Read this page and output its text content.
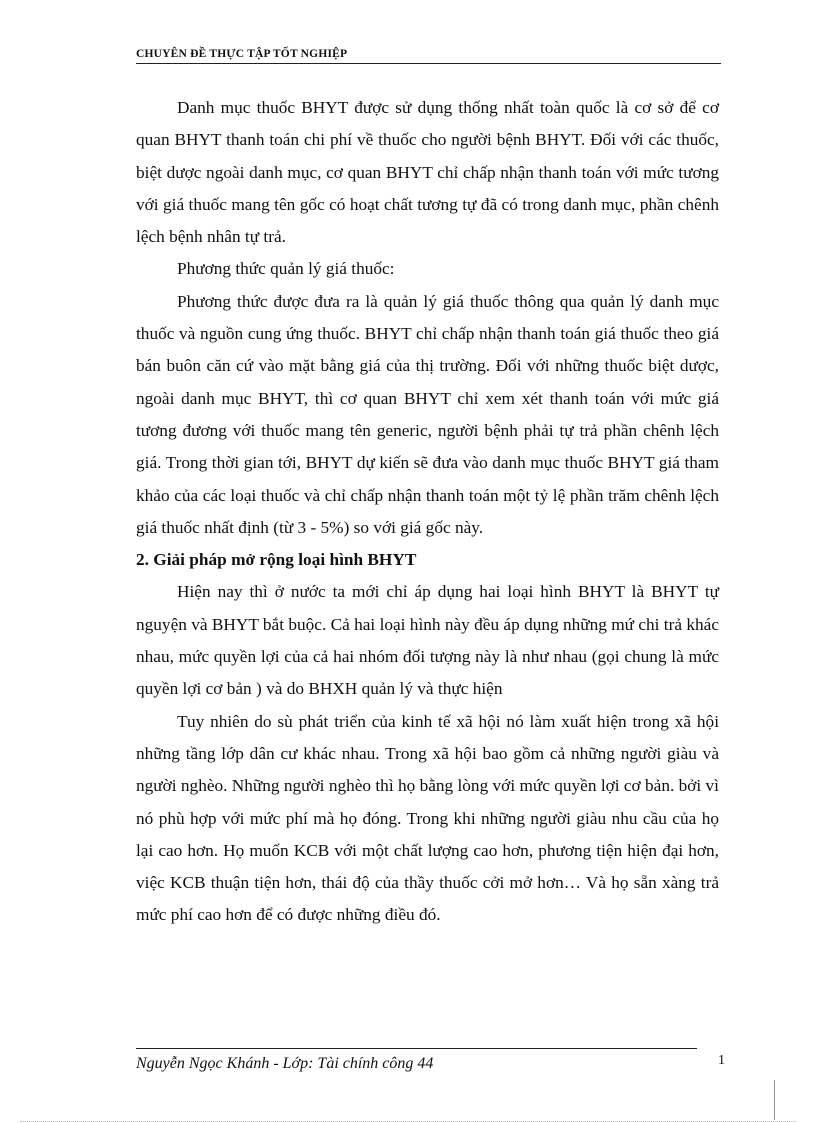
CHUYÊN ĐỀ THỰC TẬP TỐT NGHIỆP

Danh mục thuốc BHYT được sử dụng thống nhất toàn quốc là cơ sở để cơ quan BHYT thanh toán chi phí về thuốc cho người bệnh BHYT. Đối với các thuốc, biệt dược ngoài danh mục, cơ quan BHYT chỉ chấp nhận thanh toán với mức tương với giá thuốc mang tên gốc có hoạt chất tương tự đã có trong danh mục, phần chênh lệch bệnh nhân tự trả.

Phương thức quản lý giá thuốc:

Phương thức được đưa ra là quản lý giá thuốc thông qua quản lý danh mục thuốc và nguồn cung ứng thuốc. BHYT chỉ chấp nhận thanh toán giá thuốc theo giá bán buôn căn cứ vào mặt bằng giá của thị trường. Đối với những thuốc biệt dược, ngoài danh mục BHYT, thì cơ quan BHYT chỉ xem xét thanh toán với mức giá tương đương với thuốc mang tên generic, người bệnh phải tự trả phần chênh lệch giá. Trong thời gian tới, BHYT dự kiến sẽ đưa vào danh mục thuốc BHYT giá tham khảo của các loại thuốc và chỉ chấp nhận thanh toán một tỷ lệ phần trăm chênh lệch giá thuốc nhất định (từ 3 - 5%) so với giá gốc này.

2. Giải pháp mở rộng loại hình BHYT

Hiện nay thì ở nước ta mới chỉ áp dụng hai loại hình BHYT là BHYT tự nguyện và BHYT bắt buộc. Cả hai loại hình này đều áp dụng những mứ chi trả khác nhau, mức quyền lợi của cả hai nhóm đối tượng này là như nhau (gọi chung là mức quyền lợi cơ bản ) và do BHXH quản lý và thực hiện

Tuy nhiên do sù phát triển của kinh tế xã hội nó làm xuất hiện trong xã hội những tầng lớp dân cư khác nhau. Trong xã hội bao gồm cả những người giàu và người nghèo. Những người nghèo thì họ bằng lòng với mức quyền lợi cơ bản. bởi vì nó phù hợp với mức phí mà họ đóng. Trong khi những người giàu nhu cầu của họ lại cao hơn. Họ muốn KCB với một chất lượng cao hơn, phương tiện hiện đại hơn, việc KCB thuận tiện hơn, thái độ của thầy thuốc cởi mở hơn… Và họ sẵn xàng trả mức phí cao hơn để có được những điều đó.

Nguyễn Ngọc Khánh - Lớp: Tài chính công 44	1
